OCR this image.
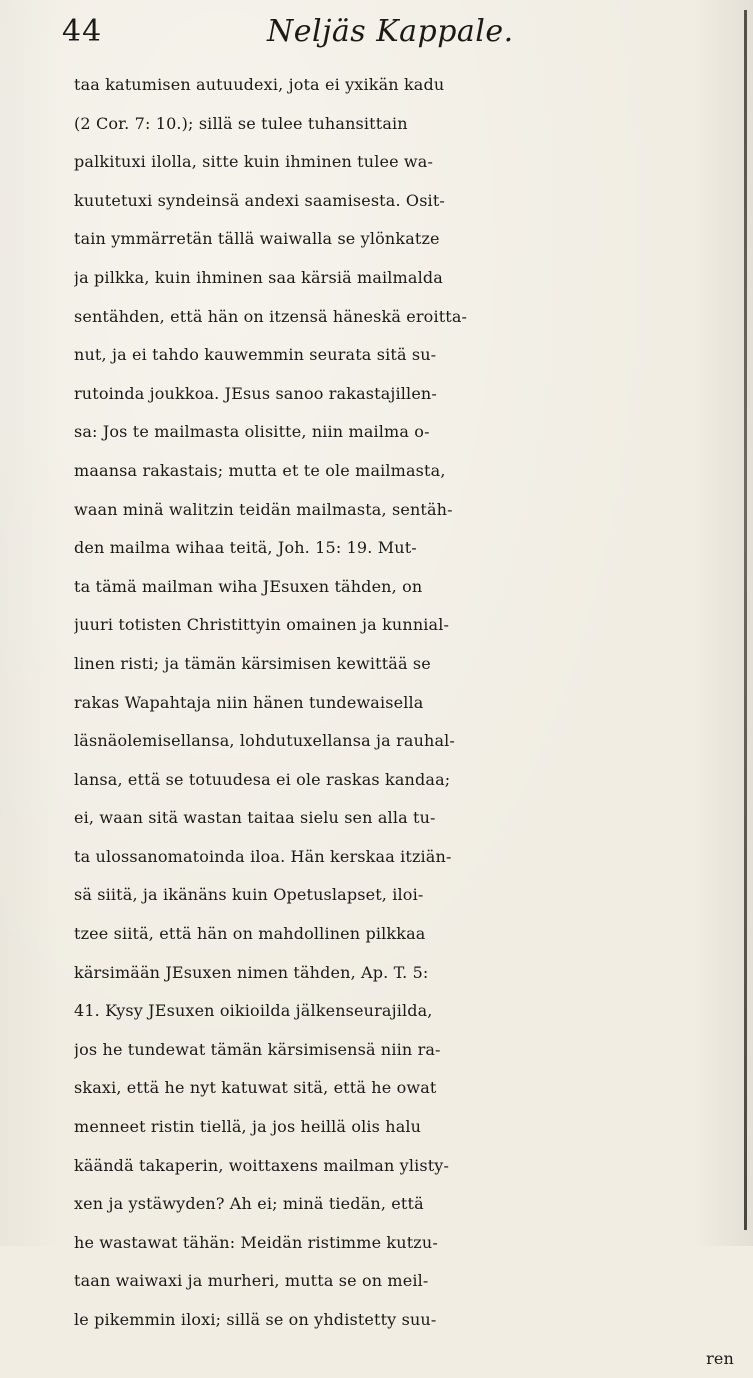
44	Neljäs Kappale.
taa katumisen autuudexi, jota ei yxikän kadu
(2 Cor. 7: 10.); sillä se tulee tuhansittain
palkituxi ilolla, sitte kuin ihminen tulee wa-
kuutetuxi syndeinsä andexi saamisesta. Osit-
tain ymmärretän tällä waiwalla se ylönkatze
ja pilkka, kuin ihminen saa kärsiä mailmalda
sentähden, että hän on itzensä häneskä eroitta-
nut, ja ei tahdo kauwemmin seurata sitä su-
rutoinda joukkoa. JEsus sanoo rakastajillen-
sa: Jos te mailmasta olisitte, niin mailma o-
maansa rakastais; mutta et te ole mailmasta,
waan minä walitzin teidän mailmasta, sentäh-
den mailma wihaa teitä, Joh. 15: 19. Mut-
ta tämä mailman wiha JEsuxen tähden, on
juuri totisten Christittyin omainen ja kunnial-
linen risti; ja tämän kärsimisen kewittää se
rakas Wapahtaja niin hänen tundewaisella
läsnäolemisellansa, lohdutuxellansa ja rauhal-
lansa, että se totuudesa ei ole raskas kandaa;
ei, waan sitä wastan taitaa sielu sen alla tu-
ta ulossanomatoinda iloa. Hän kerskaa itziän-
sä siitä, ja ikänäns kuin Opetuslapset, iloi-
tzee siitä, että hän on mahdollinen pilkkaa
kärsimään JEsuxen nimen tähden, Ap. T. 5:
41. Kysy JEsuxen oikioilda jälkenseurajilda,
jos he tundewat tämän kärsimisensä niin ra-
skaxi, että he nyt katuwat sitä, että he owat
menneet ristin tiellä, ja jos heillä olis halu
käändä takaperin, woittaxens mailman ylisty-
xen ja ystäwyden? Ah ei; minä tiedän, että
he wastawat tähän: Meidän ristimme kutzu-
taan waiwaxi ja murheri, mutta se on meil-
le pikemmin iloxi; sillä se on yhdistetty suu-
ren
